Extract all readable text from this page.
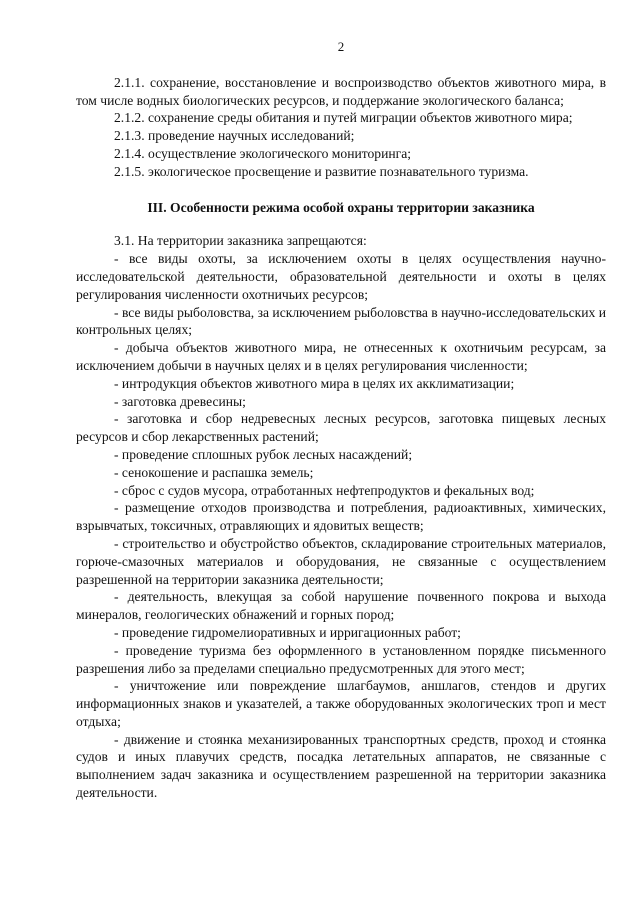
2

2.1.1. сохранение, восстановление и воспроизводство объектов животного мира, в том числе водных биологических ресурсов, и поддержание экологического баланса;

2.1.2. сохранение среды обитания и путей миграции объектов животного мира;

2.1.3. проведение научных исследований;

2.1.4. осуществление экологического мониторинга;

2.1.5. экологическое просвещение и развитие познавательного туризма.

III. Особенности режима особой охраны территории заказника

3.1. На территории заказника запрещаются:

- все виды охоты, за исключением охоты в целях осуществления научно-исследовательской деятельности, образовательной деятельности и охоты в целях регулирования численности охотничьих ресурсов;

- все виды рыболовства, за исключением рыболовства в научно-исследовательских и контрольных целях;

- добыча объектов животного мира, не отнесенных к охотничьим ресурсам, за исключением добычи в научных целях и в целях регулирования численности;

- интродукция объектов животного мира в целях их акклиматизации;

- заготовка древесины;

- заготовка и сбор недревесных лесных ресурсов, заготовка пищевых лесных ресурсов и сбор лекарственных растений;

- проведение сплошных рубок лесных насаждений;

- сенокошение и распашка земель;

- сброс с судов мусора, отработанных нефтепродуктов и фекальных вод;

- размещение отходов производства и потребления, радиоактивных, химических, взрывчатых, токсичных, отравляющих и ядовитых веществ;

- строительство и обустройство объектов, складирование строительных материалов, горюче-смазочных материалов и оборудования, не связанные с осуществлением разрешенной на территории заказника деятельности;

- деятельность, влекущая за собой нарушение почвенного покрова и выхода минералов, геологических обнажений и горных пород;

- проведение гидромелиоративных и ирригационных работ;

- проведение туризма без оформленного в установленном порядке письменного разрешения либо за пределами специально предусмотренных для этого мест;

- уничтожение или повреждение шлагбаумов, аншлагов, стендов и других информационных знаков и указателей, а также оборудованных экологических троп и мест отдыха;

- движение и стоянка механизированных транспортных средств, проход и стоянка судов и иных плавучих средств, посадка летательных аппаратов, не связанные с выполнением задач заказника и осуществлением разрешенной на территории заказника деятельности.
